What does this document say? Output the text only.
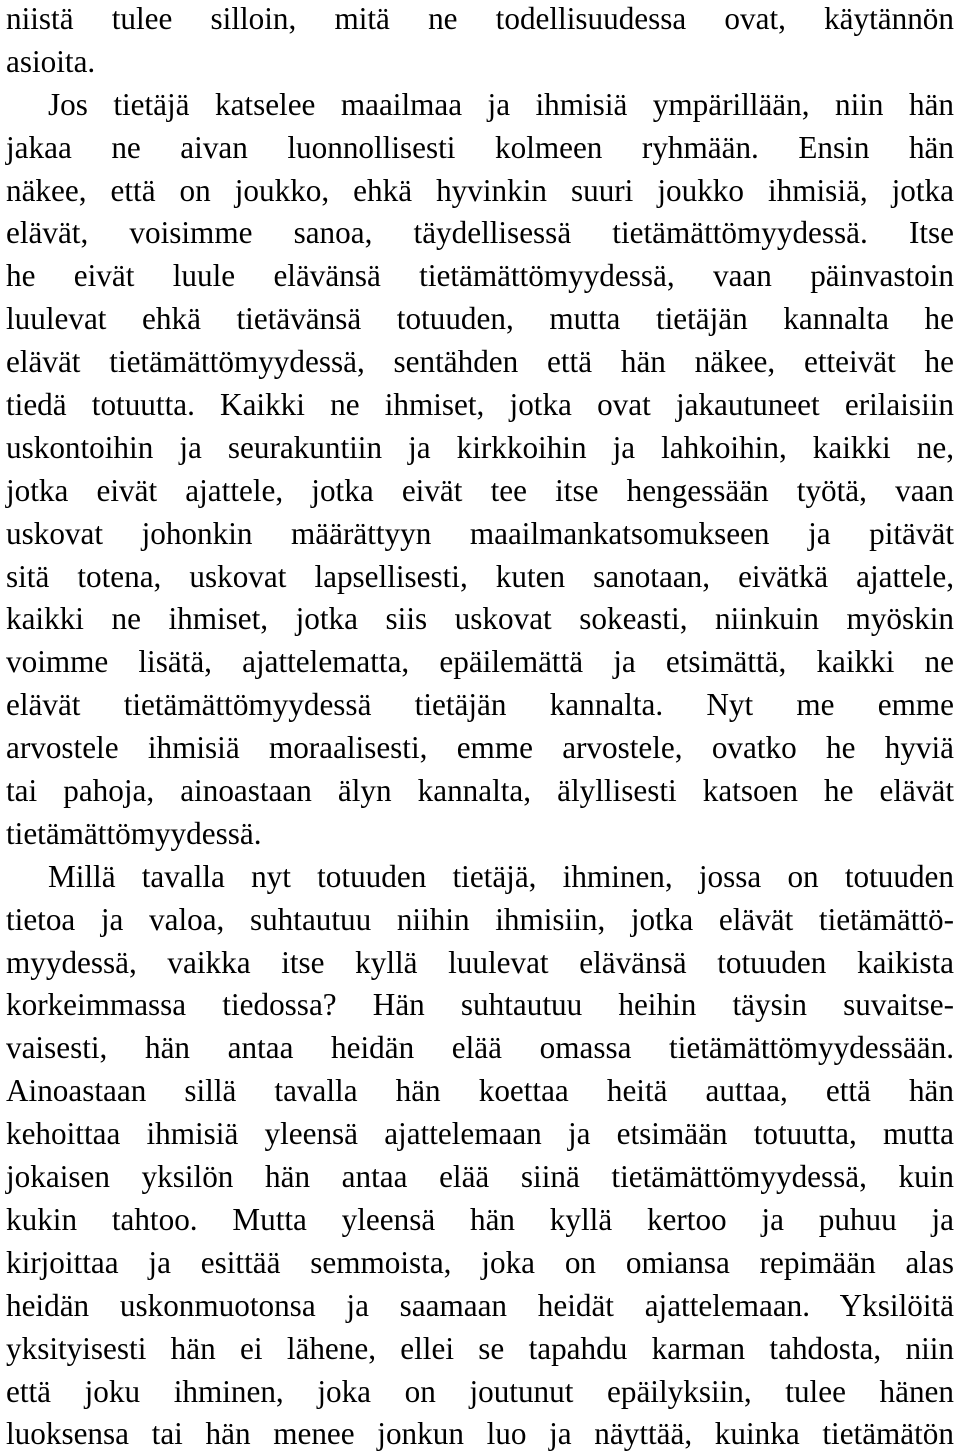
niistä tulee silloin, mitä ne todellisuudessa ovat, käytännön
asioita.
Jos tietäjä katselee maailmaa ja ihmisiä ympärillään, niin hän
jakaa ne aivan luonnollisesti kolmeen ryhmään. Ensin hän
näkee, että on joukko, ehkä hyvinkin suuri joukko ihmisiä, jotka
elävät, voisimme sanoa, täydellisessä tietämättömyydessä. Itse
he eivät luule elävänsä tietämättömyydessä, vaan päinvastoin
luulevat ehkä tietävänsä totuuden, mutta tietäjän kannalta he
elävät tietämättömyydessä, sentähden että hän näkee, etteivät he
tiedä totuutta. Kaikki ne ihmiset, jotka ovat jakautuneet erilaisiin
uskontoihin ja seurakuntiin ja kirkkoihin ja lahkoihin, kaikki ne,
jotka eivät ajattele, jotka eivät tee itse hengessään työtä, vaan
uskovat johonkin määrättyyn maailmankatsomukseen ja pitävät
sitä totena, uskovat lapsellisesti, kuten sanotaan, eivätkä ajattele,
kaikki ne ihmiset, jotka siis uskovat sokeasti, niinkuin myöskin
voimme lisätä, ajattelematta, epäilemättä ja etsimättä, kaikki ne
elävät tietämättömyydessä tietäjän kannalta. Nyt me emme
arvostele ihmisiä moraalisesti, emme arvostele, ovatko he hyviä
tai pahoja, ainoastaan älyn kannalta, älyllisesti katsoen he elävät
tietämättömyydessä.
Millä tavalla nyt totuuden tietäjä, ihminen, jossa on totuuden
tietoa ja valoa, suhtautuu niihin ihmisiin, jotka elävät tietämättö-
myydessä, vaikka itse kyllä luulevat elävänsä totuuden kaikista
korkeimmassa tiedossa? Hän suhtautuu heihin täysin suvaitse-
vaisesti, hän antaa heidän elää omassa tietämättömyydessään.
Ainoastaan sillä tavalla hän koettaa heitä auttaa, että hän
kehoittaa ihmisiä yleensä ajattelemaan ja etsimään totuutta, mutta
jokaisen yksilön hän antaa elää siinä tietämättömyydessä, kuin
kukin tahtoo. Mutta yleensä hän kyllä kertoo ja puhuu ja
kirjoittaa ja esittää semmoista, joka on omiansa repimään alas
heidän uskonmuotonsa ja saamaan heidät ajattelemaan. Yksilöitä
yksityisesti hän ei lähene, ellei se tapahdu karman tahdosta, niin
että joku ihminen, joka on joutunut epäilyksiin, tulee hänen
luoksensa tai hän menee jonkun luo ja näyttää, kuinka tietämätön
